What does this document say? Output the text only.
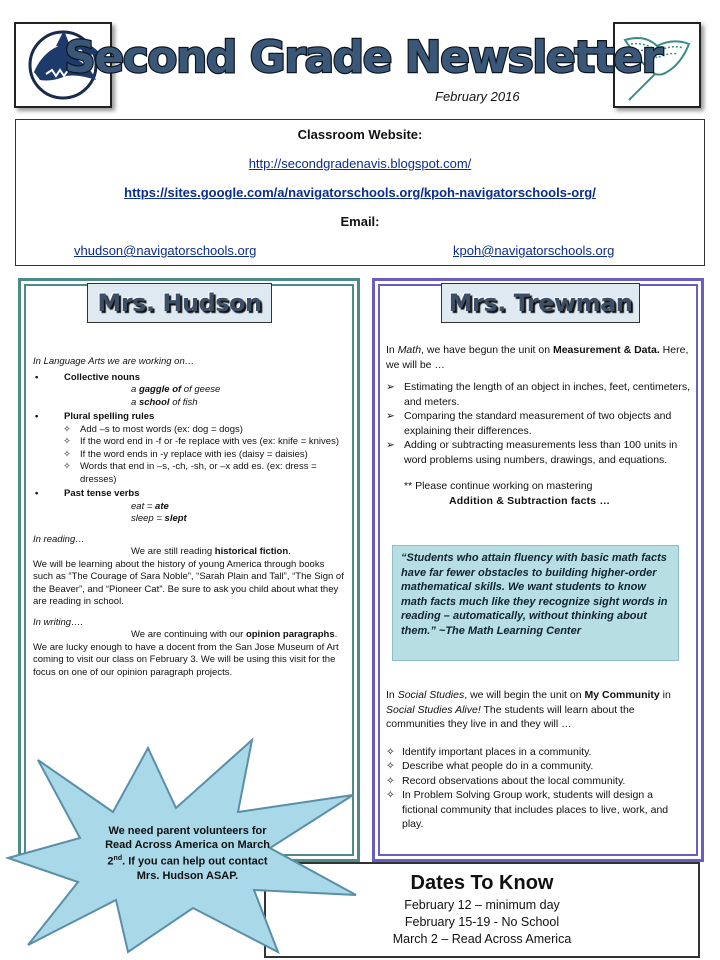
Second Grade Newsletter
February 2016
Classroom Website:
http://secondgradenavis.blogspot.com/
https://sites.google.com/a/navigatorschools.org/kpoh-navigatorschools-org/
Email:
vhudson@navigatorschools.org	kpoh@navigatorschools.org
Mrs. Hudson
In Language Arts we are working on…
•	Collective nouns
a gaggle of of geese
a school of fish
•	Plural spelling rules
✧ Add –s to most words (ex: dog = dogs)
✧ If the word end in -f or -fe replace with ves (ex: knife = knives)
✧ If the word ends in -y replace with ies (daisy = daisies)
✧ Words that end in –s, -ch, -sh, or –x add es. (ex: dress = dresses)
•	Past tense verbs
eat = ate
sleep = slept
In reading…
We are still reading historical fiction.
We will be learning about the history of young America through books such as “The Courage of Sara Noble”, “Sarah Plain and Tall”, “The Sign of the Beaver”, and “Pioneer Cat”. Be sure to ask you child about what they are reading in school.
In writing….
We are continuing with our opinion paragraphs. We are lucky enough to have a docent from the San Jose Museum of Art coming to visit our class on February 3. We will be using this visit for the focus on one of our opinion paragraph projects.
Mrs. Trewman
In Math, we have begun the unit on Measurement & Data. Here, we will be …
➢ Estimating the length of an object in inches, feet, centimeters, and meters.
➢ Comparing the standard measurement of two objects and explaining their differences.
➢ Adding or subtracting measurements less than 100 units in word problems using numbers, drawings, and equations.
** Please continue working on mastering
Addition & Subtraction facts …
“Students who attain fluency with basic math facts have far fewer obstacles to building higher-order mathematical skills. We want students to know math facts much like they recognize sight words in reading – automatically, without thinking about them.” ~The Math Learning Center
In Social Studies, we will begin the unit on My Community in Social Studies Alive! The students will learn about the communities they live in and they will …
✧ Identify important places in a community.
✧ Describe what people do in a community.
✧ Record observations about the local community.
✧ In Problem Solving Group work, students will design a fictional community that includes places to live, work, and play.
Dates To Know
February 12 – minimum day
February 15-19 - No School
March 2 – Read Across America
We need parent volunteers for Read Across America on March 2nd. If you can help out contact Mrs. Hudson ASAP.
